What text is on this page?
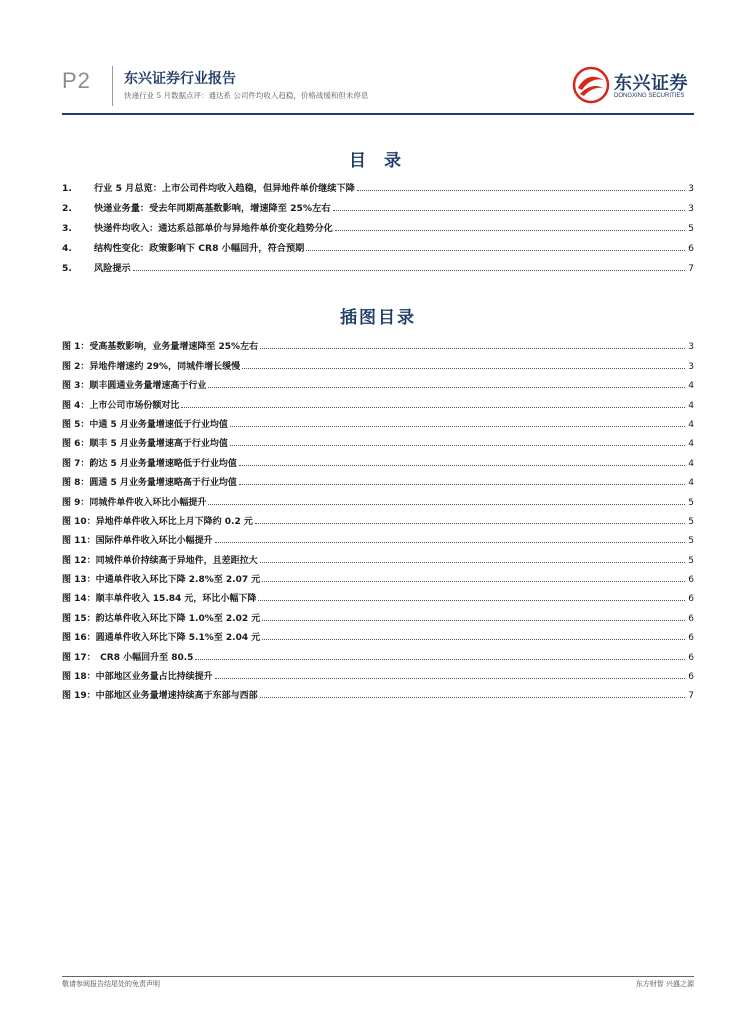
P2 东兴证券行业报告
快递行业 5 月数据点评：通达系 公司件均收入趋稳，价格战缓和但未停息
东兴证券
DONGXING SECURITIES
目 录
1.	行业 5 月总览：上市公司件均收入趋稳，但异地件单价继续下降	3
2.	快递业务量：受去年同期高基数影响，增速降至 25%左右	3
3.	快递件均收入：通达系总部单价与异地件单价变化趋势分化	5
4.	结构性变化：政策影响下 CR8 小幅回升，符合预期	6
5.	风险提示	7
插图目录
图 1：受高基数影响，业务量增速降至 25%左右	3
图 2：异地件增速约 29%，同城件增长缓慢	3
图 3：顺丰圆通业务量增速高于行业	4
图 4：上市公司市场份额对比	4
图 5：中通 5 月业务量增速低于行业均值	4
图 6：顺丰 5 月业务量增速高于行业均值	4
图 7：韵达 5 月业务量增速略低于行业均值	4
图 8：圆通 5 月业务量增速略高于行业均值	4
图 9：同城件单件收入环比小幅提升	5
图 10：异地件单件收入环比上月下降约 0.2 元	5
图 11：国际件单件收入环比小幅提升	5
图 12：同城件单价持续高于异地件，且差距拉大	5
图 13：中通单件收入环比下降 2.8%至 2.07 元	6
图 14：顺丰单件收入 15.84 元，环比小幅下降	6
图 15：韵达单件收入环比下降 1.0%至 2.02 元	6
图 16：圆通单件收入环比下降 5.1%至 2.04 元	6
图 17：　CR8 小幅回升至 80.5	6
图 18：中部地区业务量占比持续提升	6
图 19：中部地区业务量增速持续高于东部与西部	7
敬请参阅报告结尾处的免责声明	东方财智 兴盛之源
